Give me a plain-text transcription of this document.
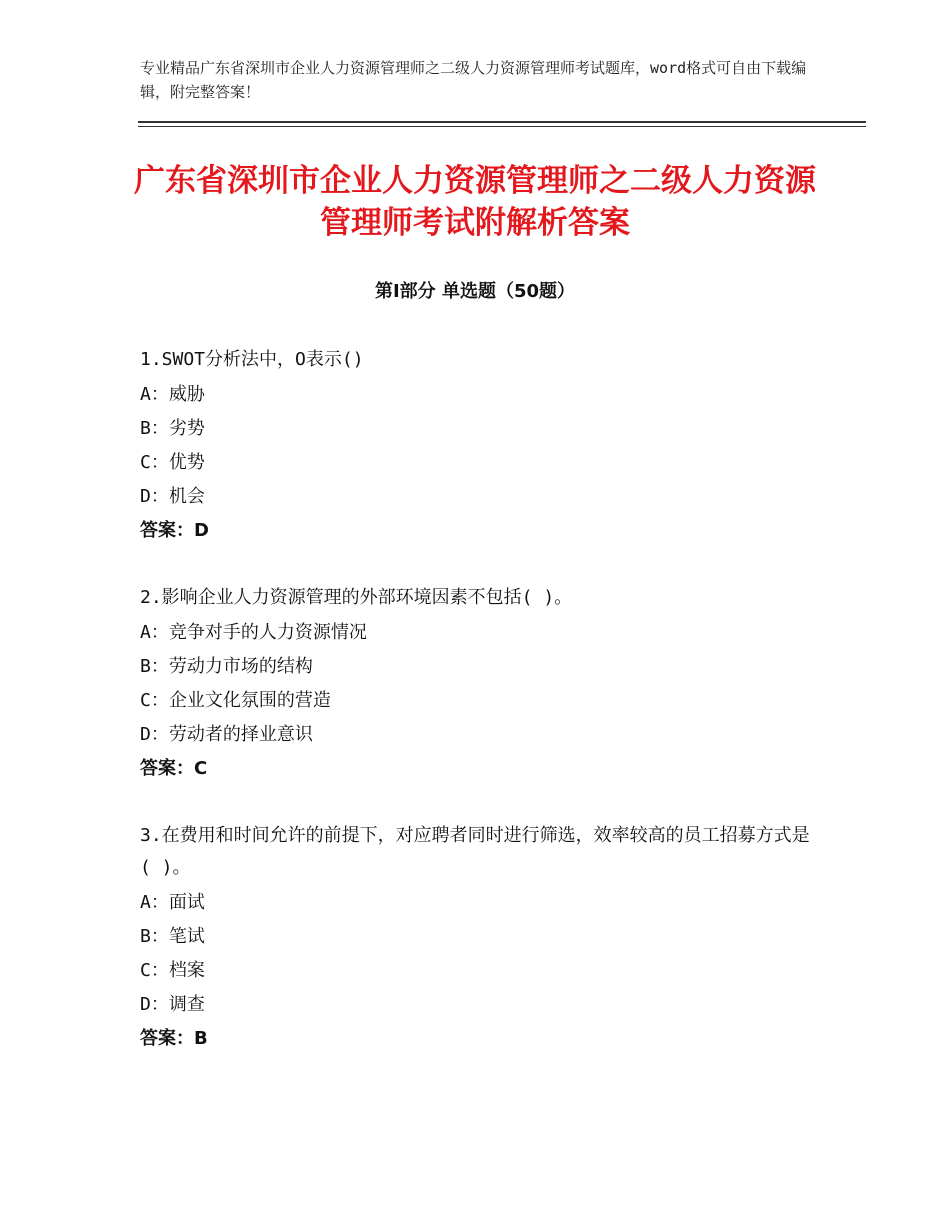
专业精品广东省深圳市企业人力资源管理师之二级人力资源管理师考试题库，word格式可自由下载编辑，附完整答案！
广东省深圳市企业人力资源管理师之二级人力资源管理师考试附解析答案
第Ⅰ部分 单选题（50题）
1.SWOT分析法中，O表示()
A：威胁
B：劣势
C：优势
D：机会
答案：D
2.影响企业人力资源管理的外部环境因素不包括( )。
A：竞争对手的人力资源情况
B：劳动力市场的结构
C：企业文化氛围的营造
D：劳动者的择业意识
答案：C
3.在费用和时间允许的前提下，对应聘者同时进行筛选，效率较高的员工招募方式是( )。
A：面试
B：笔试
C：档案
D：调查
答案：B
